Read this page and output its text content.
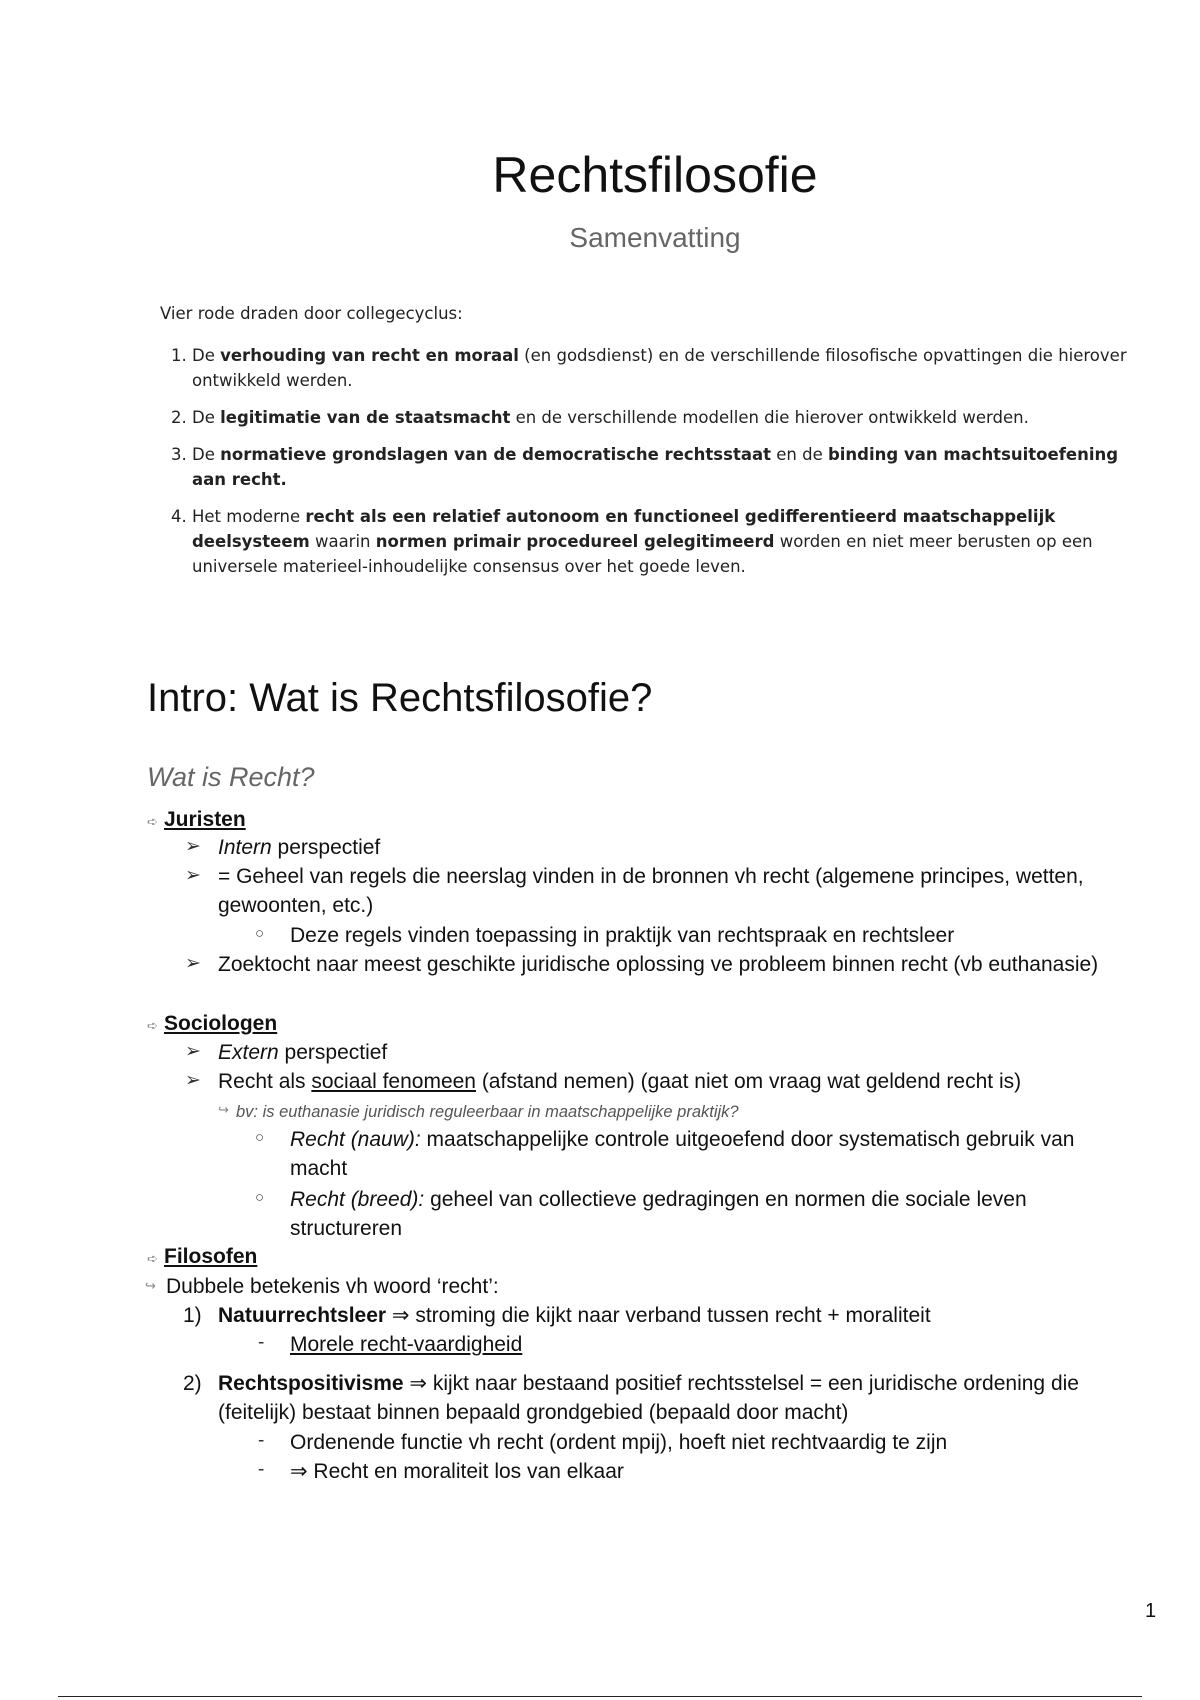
Rechtsfilosofie
Samenvatting

Vier rode draden door collegecyclus:

1. De verhouding van recht en moraal (en godsdienst) en de verschillende filosofische opvattingen die hierover ontwikkeld werden.
2. De legitimatie van de staatsmacht en de verschillende modellen die hierover ontwikkeld werden.
3. De normatieve grondslagen van de democratische rechtsstaat en de binding van machtsuitoefening aan recht.
4. Het moderne recht als een relatief autonoom en functioneel gedifferentieerd maatschappelijk deelsysteem waarin normen primair procedureel gelegitimeerd worden en niet meer berusten op een universele materieel-inhoudelijke consensus over het goede leven.
Intro: Wat is Rechtsfilosofie?
Wat is Recht?
➪ Juristen
➢ Intern perspectief
➢ = Geheel van regels die neerslag vinden in de bronnen vh recht (algemene principes, wetten,
gewoonten, etc.)
○ Deze regels vinden toepassing in praktijk van rechtspraak en rechtsleer
➢ Zoektocht naar meest geschikte juridische oplossing ve probleem binnen recht (vb euthanasie)
➪ Sociologen
➢ Extern perspectief
➢ Recht als sociaal fenomeen (afstand nemen) (gaat niet om vraag wat geldend recht is)
↪ bv: is euthanasie juridisch reguleerbaar in maatschappelijke praktijk?
○ Recht (nauw): maatschappelijke controle uitgeoefend door systematisch gebruik van
macht
○ Recht (breed): geheel van collectieve gedragingen en normen die sociale leven
structureren
➪ Filosofen
↪ Dubbele betekenis vh woord ‘recht’:
1) Natuurrechtsleer ⇒ stroming die kijkt naar verband tussen recht + moraliteit
- Morele recht-vaardigheid
2) Rechtspositivisme ⇒ kijkt naar bestaand positief rechtsstelsel = een juridische ordening die
(feitelijk) bestaat binnen bepaald grondgebied (bepaald door macht)
- Ordenende functie vh recht (ordent mpij), hoeft niet rechtvaardig te zijn
- ⇒ Recht en moraliteit los van elkaar
1
